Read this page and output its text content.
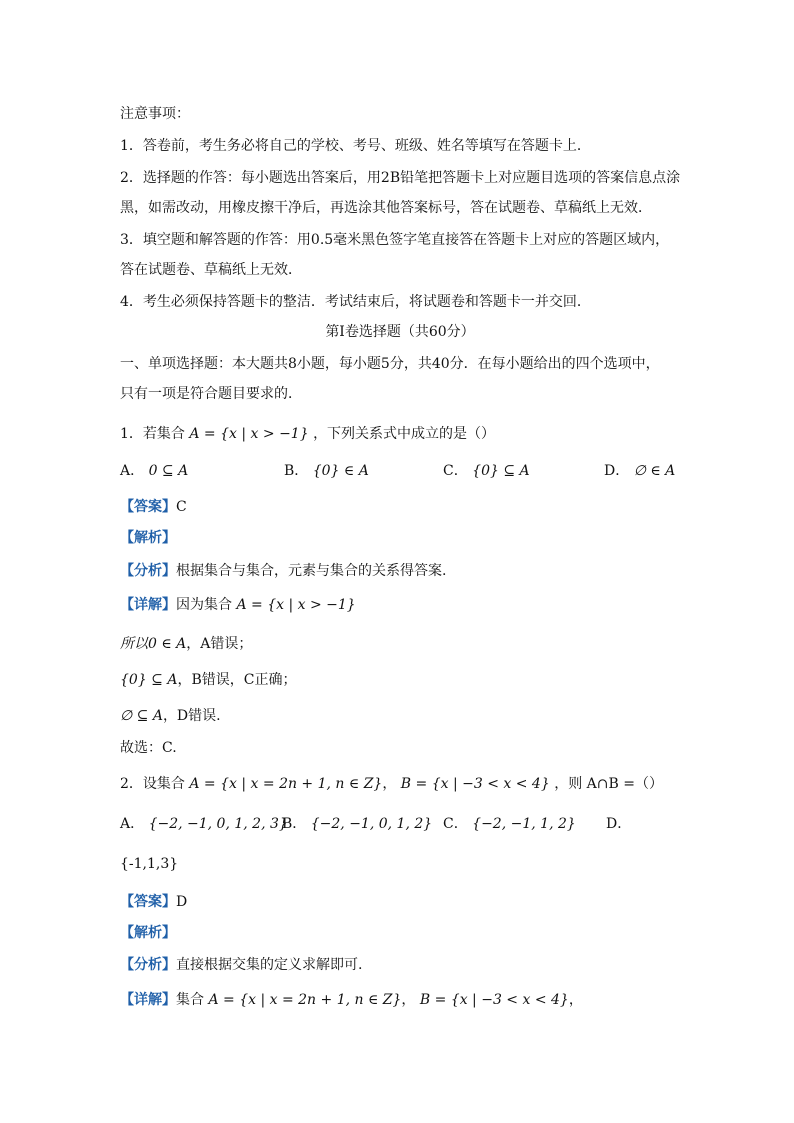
注意事项：
1．答卷前，考生务必将自己的学校、考号、班级、姓名等填写在答题卡上．
2．选择题的作答：每小题选出答案后，用2B铅笔把答题卡上对应题目选项的答案信息点涂
黑，如需改动，用橡皮擦干净后，再选涂其他答案标号，答在试题卷、草稿纸上无效．
3．填空题和解答题的作答：用0.5毫米黑色签字笔直接答在答题卡上对应的答题区域内，
答在试题卷、草稿纸上无效．
4．考生必须保持答题卡的整洁．考试结束后，将试题卷和答题卡一并交回．
第Ⅰ卷选择题（共60分）
一、单项选择题：本大题共8小题，每小题5分，共40分．在每小题给出的四个选项中，
只有一项是符合题目要求的．
1．若集合 A = {x | x > −1} ，下列关系式中成立的是（）
A． 0 ⊆ A	B． {0} ∈ A	C． {0} ⊆ A	D． ∅ ∈ A
【答案】C
【解析】
【分析】根据集合与集合，元素与集合的关系得答案.
【详解】因为集合 A = {x | x > −1}
所以0 ∈ A，A错误；
{0} ⊆ A，B错误，C正确；
∅ ⊆ A，D错误.
故选：C.
2．设集合 A = {x | x = 2n + 1, n ∈ Z}， B = {x | −3 < x < 4} ，则 A∩B =（）
A． {−2, −1, 0, 1, 2, 3}
B． {−2, −1, 0, 1, 2} C． {−2, −1, 1, 2} D．
{-1,1,3}
【答案】D
【解析】
【分析】直接根据交集的定义求解即可.
【详解】集合 A = {x | x = 2n + 1, n ∈ Z}， B = {x | −3 < x < 4}，
